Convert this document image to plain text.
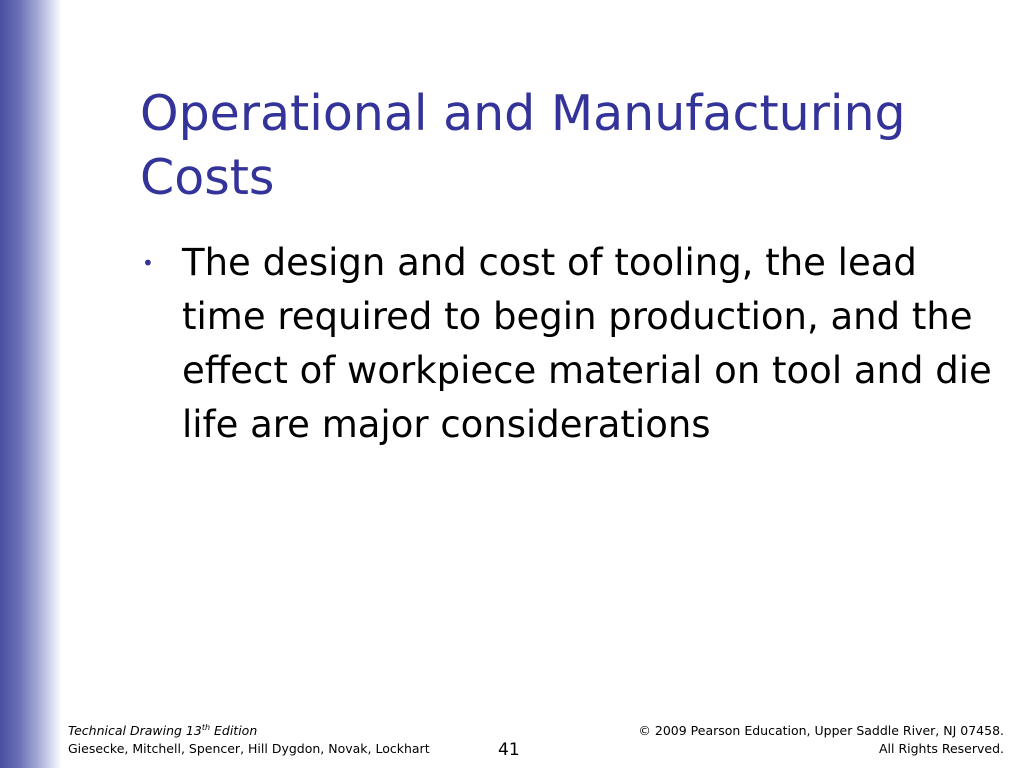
Operational and Manufacturing Costs
• The design and cost of tooling, the lead time required to begin production, and the effect of workpiece material on tool and die life are major considerations
Technical Drawing 13th Edition
Giesecke, Mitchell, Spencer, Hill Dygdon, Novak, Lockhart	41
© 2009 Pearson Education, Upper Saddle River, NJ 07458.
All Rights Reserved.
